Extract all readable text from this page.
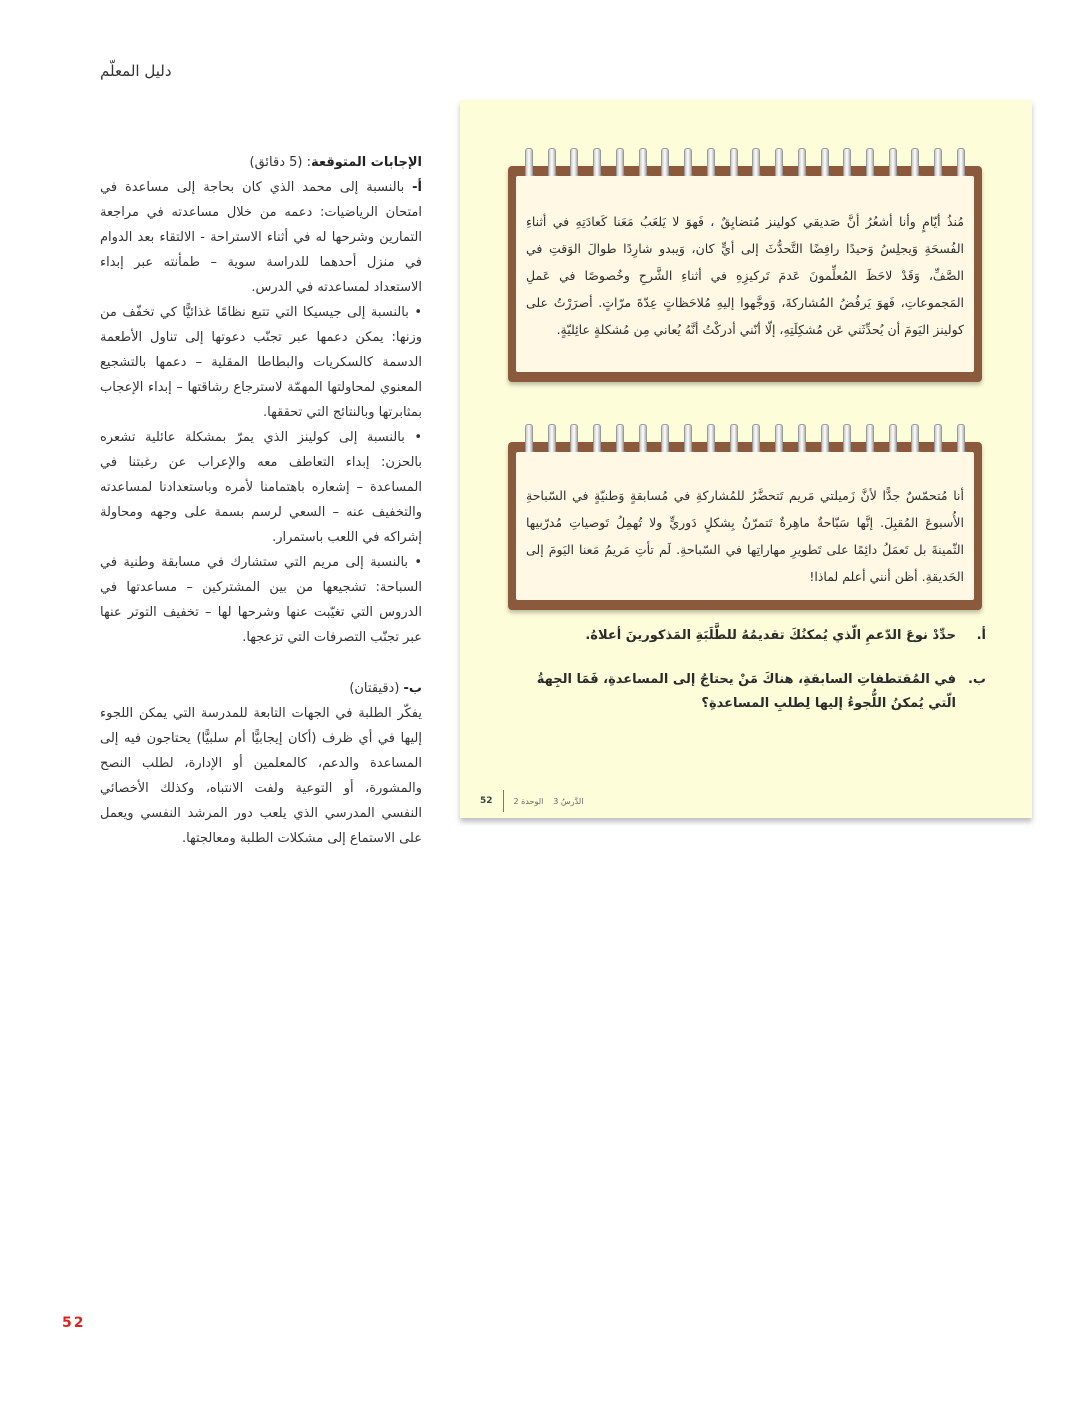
دليل المعلّم

الإجابات المتوقعة: (5 دقائق)

أ- بالنسبة إلى محمد الذي كان بحاجة إلى مساعدة في امتحان الرياضيات: دعمه من خلال مساعدته في مراجعة التمارين وشرحها له في أثناء الاستراحة - الالتقاء بعد الدوام في منزل أحدهما للدراسة سوية – طمأنته عبر إبداء الاستعداد لمساعدته في الدرس.

• بالنسبة إلى جيسيكا التي تتبع نظامًا غذائيًّا كي تخفّف من وزنها: يمكن دعمها عبر تجنّب دعوتها إلى تناول الأطعمة الدسمة كالسكريات والبطاطا المقلية – دعمها بالتشجيع المعنوي لمحاولتها المهمّة لاسترجاع رشاقتها – إبداء الإعجاب بمثابرتها وبالنتائج التي تحققها.

• بالنسبة إلى كولينز الذي يمرّ بمشكلة عائلية تشعره بالحزن: إبداء التعاطف معه والإعراب عن رغبتنا في المساعدة – إشعاره باهتمامنا لأمره وباستعدادنا لمساعدته والتخفيف عنه – السعي لرسم بسمة على وجهه ومحاولة إشراكه في اللعب باستمرار.

• بالنسبة إلى مريم التي ستشارك في مسابقة وطنية في السباحة: تشجيعها من بين المشتركين – مساعدتها في الدروس التي تغيّبت عنها وشرحها لها – تخفيف التوتر عنها عبر تجنّب التصرفات التي تزعجها.

ب- (دقيقتان)

يفكّر الطلبة في الجهات التابعة للمدرسة التي يمكن اللجوء إليها في أي ظرف (أكان إيجابيًّا أم سلبيًّا) يحتاجون فيه إلى المساعدة والدعم، كالمعلمين أو الإدارة، لطلب النصح والمشورة، أو التوعية ولفت الانتباه، وكذلك الأخصائي النفسي المدرسي الذي يلعب دور المرشد النفسي ويعمل على الاستماع إلى مشكلات الطلبة ومعالجتها.

مُنذُ أيّامٍ وأنا أشعُرُ أنَّ صَديقي كولينز مُتضايِقٌ ، فَهوَ لا يَلعَبُ مَعَنا كَعادَتِهِ في أثناءِ الفُسحَةِ وَيجلِسُ وَحيدًا رافِضًا التَّحدُّثَ إلى أيٍّ كان، وَيبدو شارِدًا طوالَ الوَقتِ في الصَّفِّ، وَقَدْ لاحَظَ المُعلِّمونَ عَدمَ تَركيزِهِ في أثناءِ الشَّرحِ وخُصوصًا في عَملِ المَجموعاتِ، فَهوَ يَرفُضُ المُشاركةَ، وَوجَّهوا إليهِ مُلاحَظاتٍ عِدّةَ مرّاتٍ. أصرَرْتُ على كولينز اليَومَ أن يُحدِّثَني عَن مُشكِلَتِهِ، إلّا أنّني أدركْتُ أنَّهُ يُعاني مِن مُشكلةٍ عائِليّةٍ.
أنا مُتحمّسٌ جدًّا لأنَّ زَميلتي مَريم تَتحضَّرُ للمُشاركةِ في مُسابقةٍ وَطنيّةٍ في السّباحةِ الأُسبوعَ المُقبِلَ. إنَّها سَبّاحةٌ ماهِرةٌ تَتمرّنُ بِشكلٍ دَوريٍّ ولا تُهمِلُ تَوصياتِ مُدرّبيها الثّمينةَ بل تَعمَلُ دائِمًا على تَطويرِ مهاراتِها في السّباحةِ. لَم تأتِ مَريمُ مَعنا اليَومَ إلى الحَديقةِ. أظن أنني أعلم لماذا!
أ.
حدِّدْ نوعَ الدّعمِ الّذي يُمكنُكَ تقديمُهُ للطَّلَبَةِ المَذكورينَ أعلاهُ.
ب.
في المُقتطفاتِ السابقةِ، هناكَ مَنْ يحتاجُ إلى المساعدةِ، فَمَا الجِهةُ الّتي يُمكنُ اللُّجوءُ إليها لِطلبِ المساعدةِ؟
الدَّرسُ 3
الوحدة 2
52
52
